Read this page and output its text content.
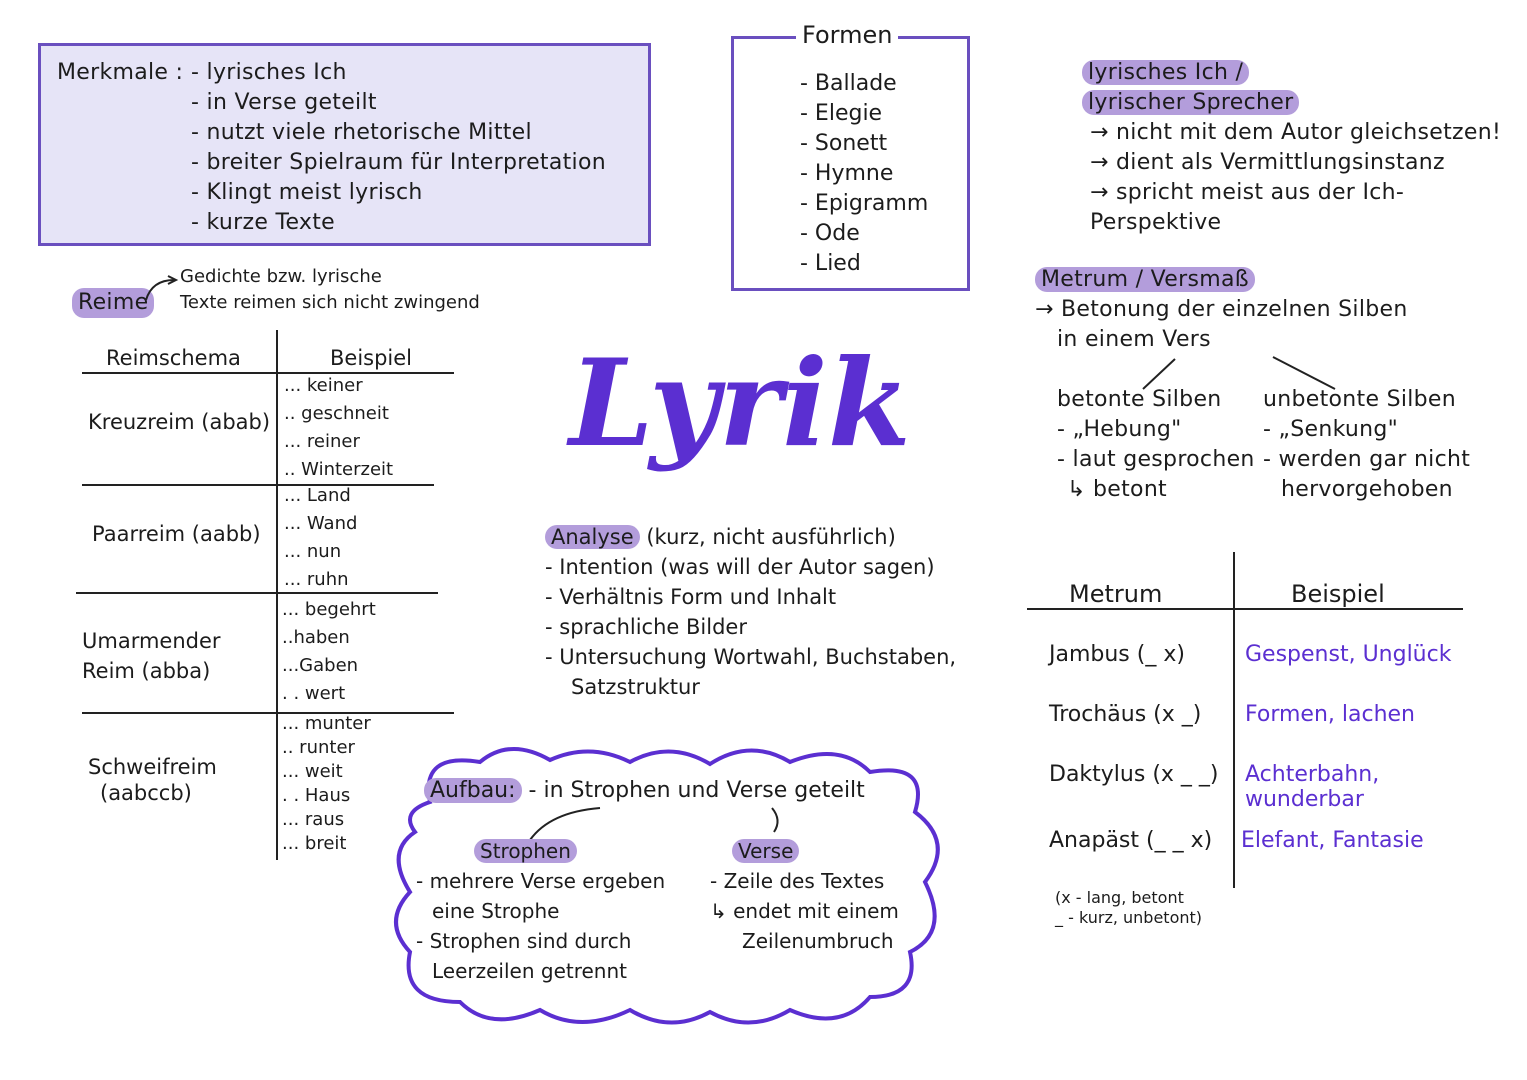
Merkmale : - lyrisches Ich
- in Verse geteilt
- nutzt viele rhetorische Mittel
- breiter Spielraum für Interpretation
- Klingt meist lyrisch
- kurze Texte
Formen
- Ballade
- Elegie
- Sonett
- Hymne
- Epigramm
- Ode
- Lied
Lyrik
lyrisches Ich /
lyrischer Sprecher
→ nicht mit dem Autor gleichsetzen!
→ dient als Vermittlungsinstanz
→ spricht meist aus der Ich-Perspektive
Metrum / Versmaß
→ Betonung der einzelnen Silben
in einem Vers
betonte Silben
- „Hebung"
- laut gesprochen
↳ betont
unbetonte Silben
- „Senkung"
- werden gar nicht
hervorgehoben
Reime
Gedichte bzw. lyrische
Texte reimen sich nicht zwingend
Reimschema	Beispiel
Kreuzreim (abab)
... keiner
.. geschneit
... reiner
.. Winterzeit
Paarreim (aabb)
... Land
... Wand
... nun
... ruhn
Umarmender
Reim (abba)
... begehrt
..haben
...Gaben
. . wert
Schweifreim
(aabccb)
... munter
.. runter
... weit
. . Haus
... raus
... breit
Analyse (kurz, nicht ausführlich)
- Intention (was will der Autor sagen)
- Verhältnis Form und Inhalt
- sprachliche Bilder
- Untersuchung Wortwahl, Buchstaben,
Satzstruktur
Aufbau: - in Strophen und Verse geteilt
Strophen
- mehrere Verse ergeben
eine Strophe
- Strophen sind durch
Leerzeilen getrennt
Verse
- Zeile des Textes
↳ endet mit einem
Zeilenumbruch
Metrum	Beispiel
Jambus (_ x)	Gespenst, Unglück
Trochäus (x _) Formen, lachen
Daktylus (x _ _) Achterbahn, wunderbar
Anapäst (_ _ x) Elefant, Fantasie
(x - lang, betont
_ - kurz, unbetont)
